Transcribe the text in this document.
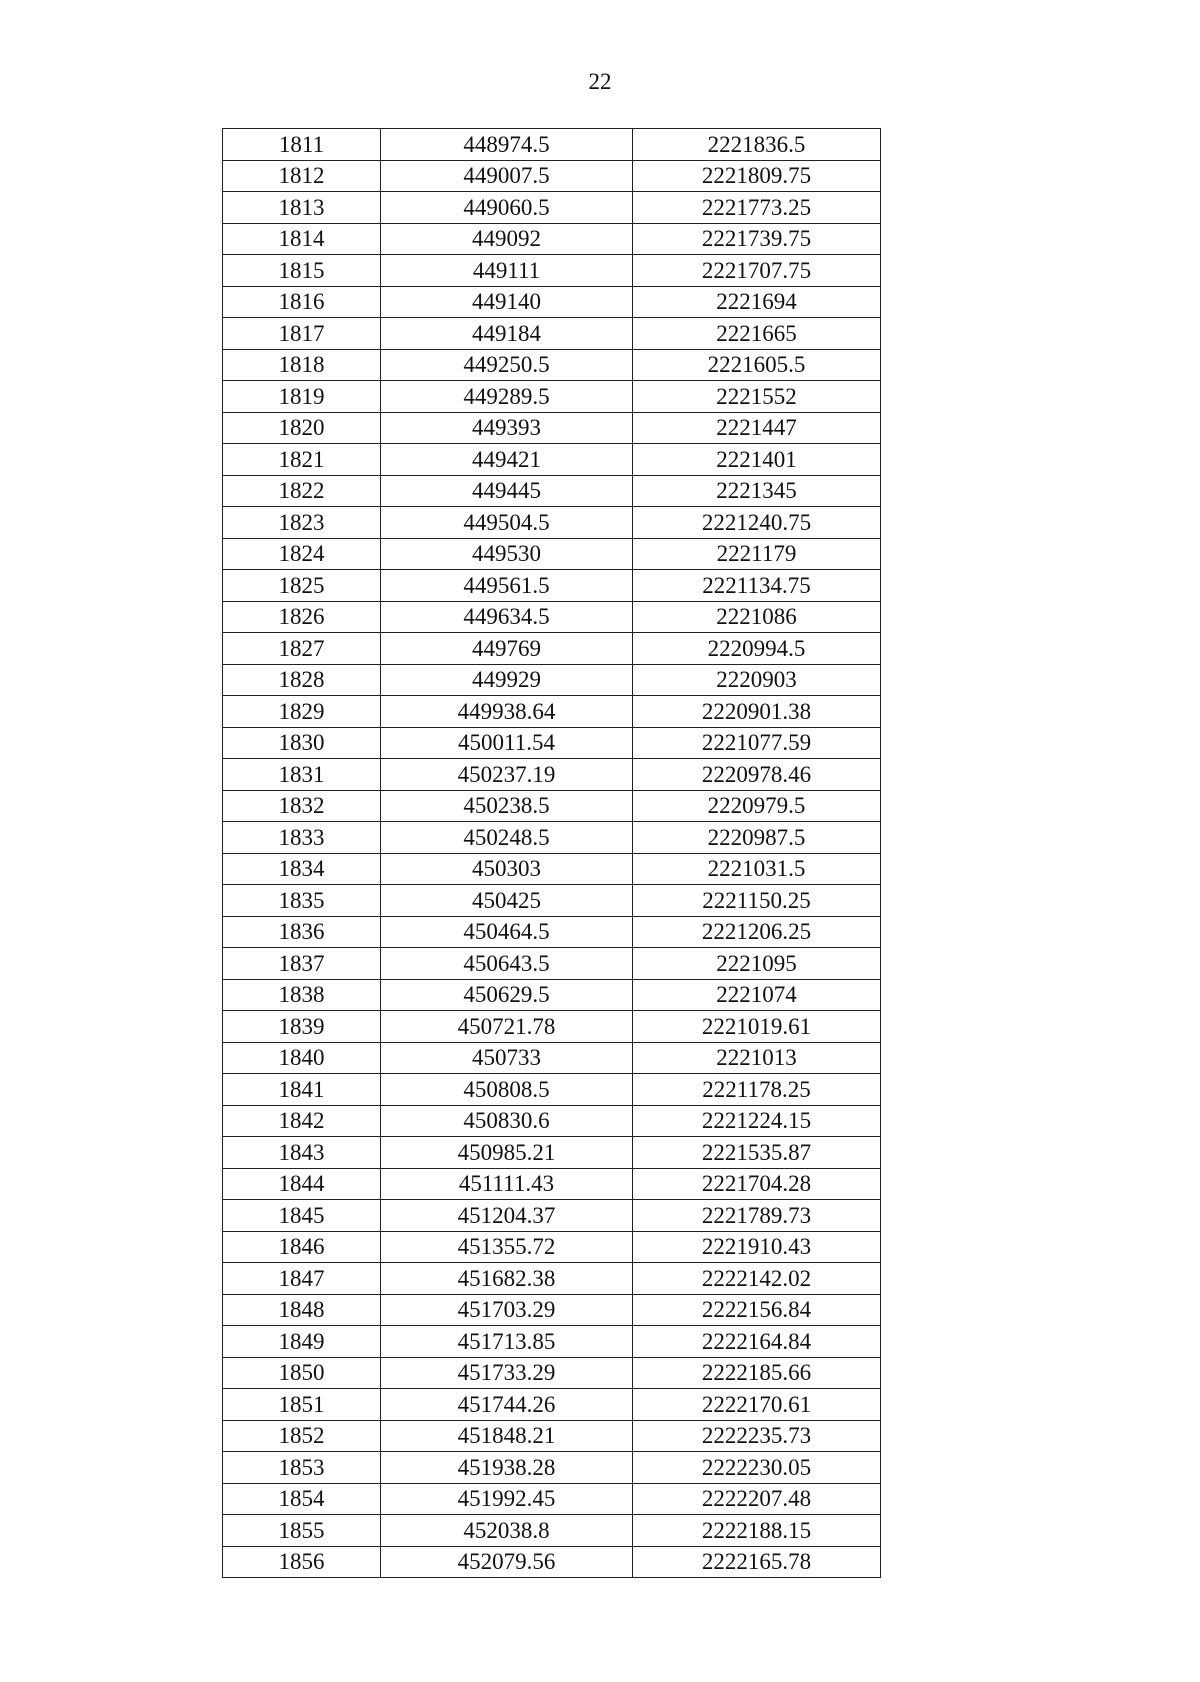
22
1811	448974.5	2221836.5
1812	449007.5	2221809.75
1813	449060.5	2221773.25
1814	449092	2221739.75
1815	449111	2221707.75
1816	449140	2221694
1817	449184	2221665
1818	449250.5	2221605.5
1819	449289.5	2221552
1820	449393	2221447
1821	449421	2221401
1822	449445	2221345
1823	449504.5	2221240.75
1824	449530	2221179
1825	449561.5	2221134.75
1826	449634.5	2221086
1827	449769	2220994.5
1828	449929	2220903
1829	449938.64	2220901.38
1830	450011.54	2221077.59
1831	450237.19	2220978.46
1832	450238.5	2220979.5
1833	450248.5	2220987.5
1834	450303	2221031.5
1835	450425	2221150.25
1836	450464.5	2221206.25
1837	450643.5	2221095
1838	450629.5	2221074
1839	450721.78	2221019.61
1840	450733	2221013
1841	450808.5	2221178.25
1842	450830.6	2221224.15
1843	450985.21	2221535.87
1844	451111.43	2221704.28
1845	451204.37	2221789.73
1846	451355.72	2221910.43
1847	451682.38	2222142.02
1848	451703.29	2222156.84
1849	451713.85	2222164.84
1850	451733.29	2222185.66
1851	451744.26	2222170.61
1852	451848.21	2222235.73
1853	451938.28	2222230.05
1854	451992.45	2222207.48
1855	452038.8	2222188.15
1856	452079.56	2222165.78
